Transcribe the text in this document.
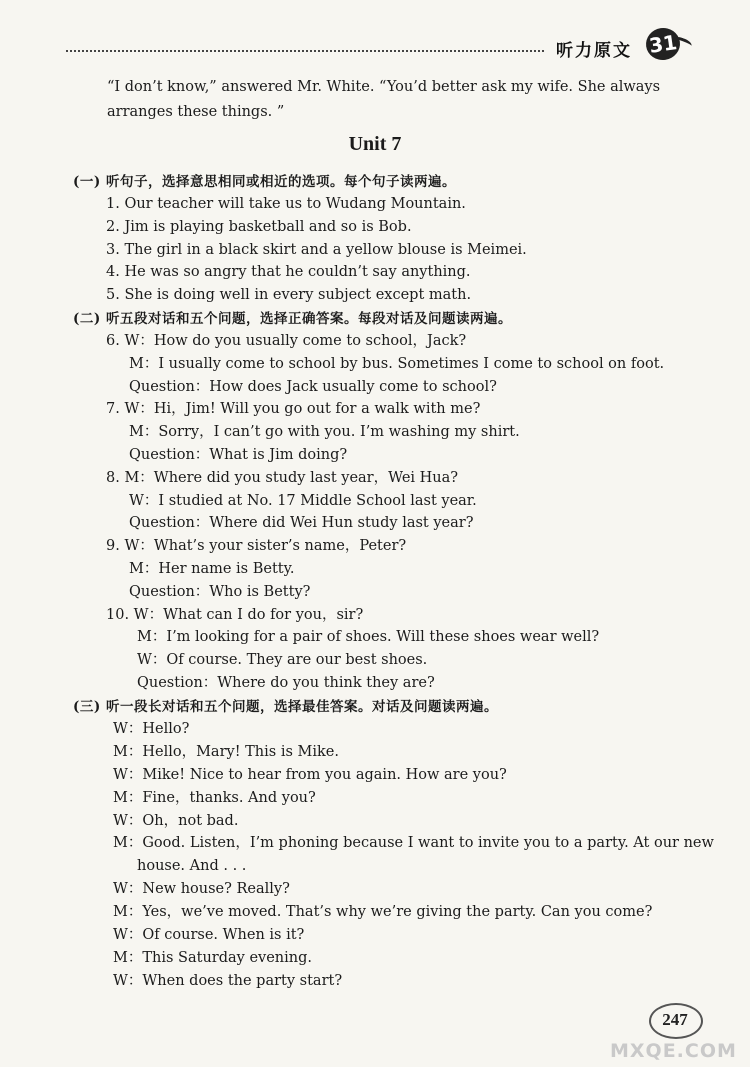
听力原文 31

“I don’t know,” answered Mr. White. “You’d better ask my wife. She always

arranges these things. ”

Unit 7

(一) 听句子，选择意思相同或相近的选项。每个句子读两遍。

1. Our teacher will take us to Wudang Mountain.

2. Jim is playing basketball and so is Bob.

3. The girl in a black skirt and a yellow blouse is Meimei.

4. He was so angry that he couldn’t say anything.

5. She is doing well in every subject except math.

(二) 听五段对话和五个问题，选择正确答案。每段对话及问题读两遍。

6. W：How do you usually come to school，Jack?

M：I usually come to school by bus. Sometimes I come to school on foot.

Question：How does Jack usually come to school?

7. W：Hi，Jim! Will you go out for a walk with me?

M：Sorry，I can’t go with you. I’m washing my shirt.

Question：What is Jim doing?

8. M：Where did you study last year，Wei Hua?

W：I studied at No. 17 Middle School last year.

Question：Where did Wei Hun study last year?

9. W：What’s your sister’s name，Peter?

M：Her name is Betty.

Question：Who is Betty?

10. W：What can I do for you，sir?

M：I’m looking for a pair of shoes. Will these shoes wear well?

W：Of course. They are our best shoes.

Question：Where do you think they are?

(三) 听一段长对话和五个问题，选择最佳答案。对话及问题读两遍。

W：Hello?

M：Hello，Mary! This is Mike.

W：Mike! Nice to hear from you again. How are you?

M：Fine，thanks. And you?

W：Oh，not bad.

M：Good. Listen，I’m phoning because I want to invite you to a party. At our new

house. And . . .

W：New house? Really?

M：Yes，we’ve moved. That’s why we’re giving the party. Can you come?

W：Of course. When is it?

M：This Saturday evening.

W：When does the party start?

247

MXQE.COM
